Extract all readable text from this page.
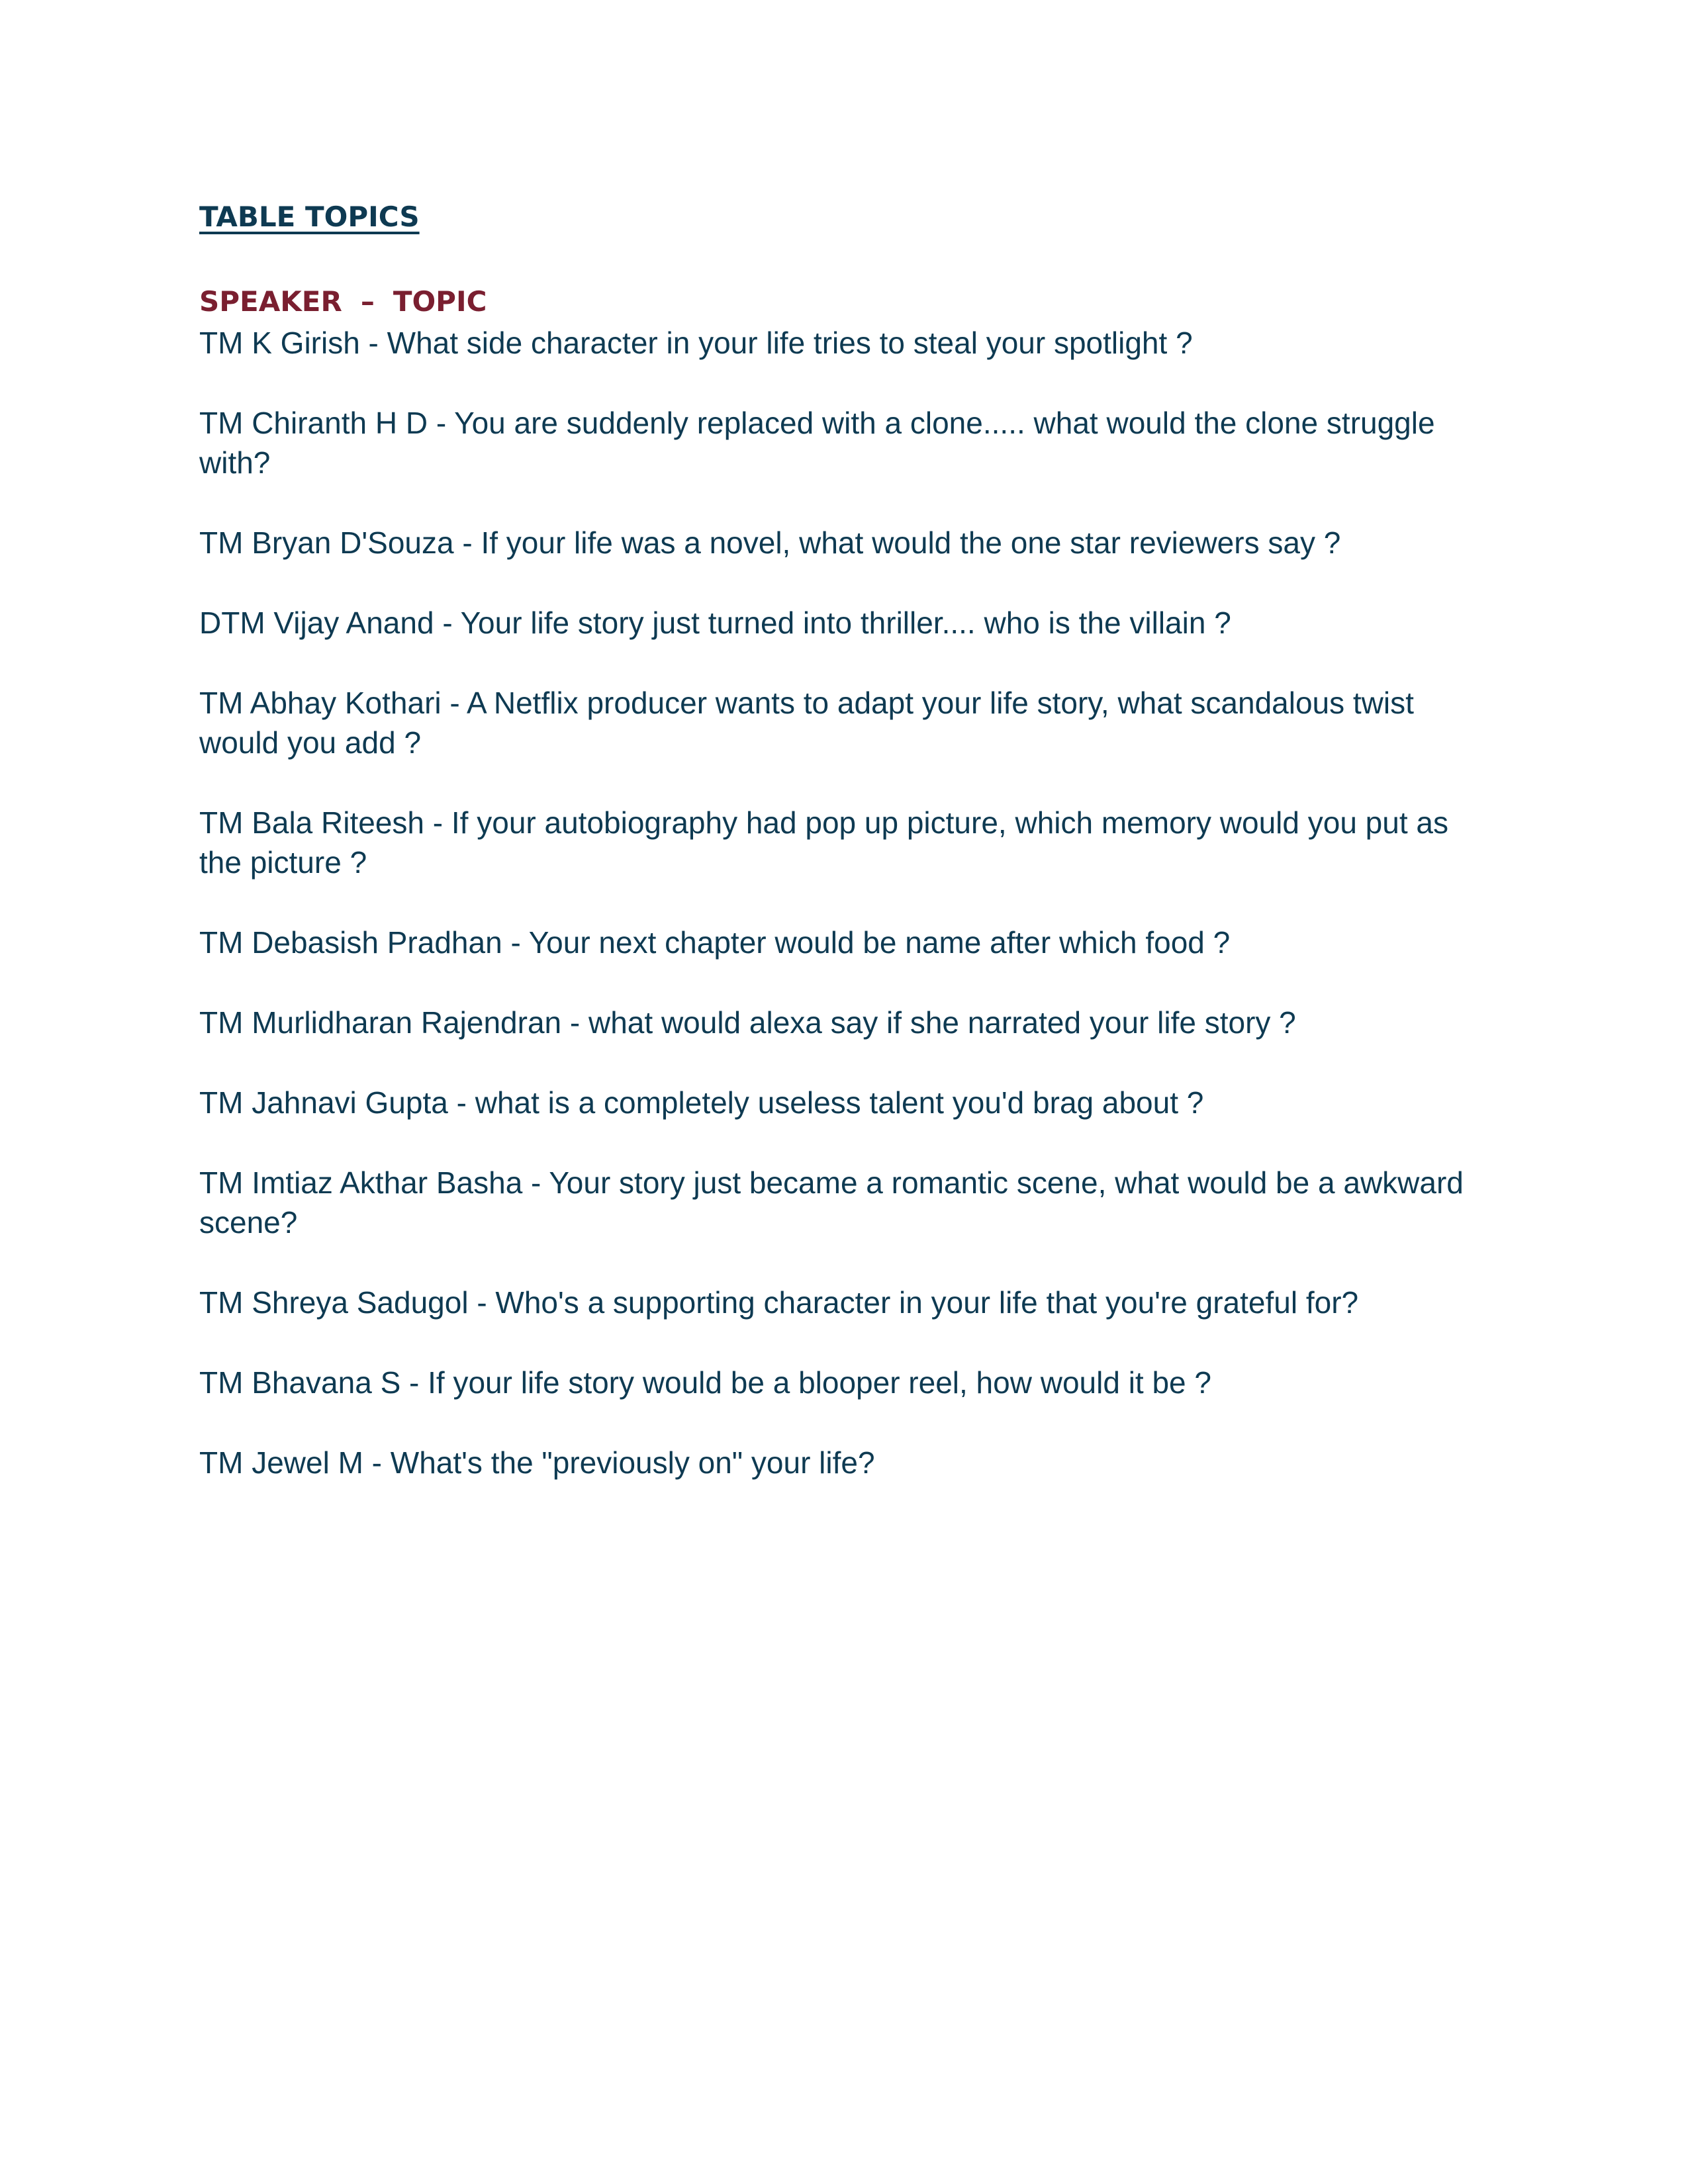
TABLE TOPICS
SPEAKER – TOPIC

TM K Girish - What side character in your life tries to steal your spotlight ?

TM Chiranth H D - You are suddenly replaced with a clone..... what would the clone struggle with?

TM Bryan D'Souza - If your life was a novel, what would the one star reviewers say ?

DTM Vijay Anand - Your life story just turned into thriller.... who is the villain ?

TM Abhay Kothari - A Netflix producer wants to adapt your life story, what scandalous twist would you add ?

TM Bala Riteesh - If your autobiography had pop up picture, which memory would you put as the picture ?

TM Debasish Pradhan - Your next chapter would be name after which food ?

TM Murlidharan Rajendran - what would alexa say if she narrated your life story ?

TM Jahnavi Gupta - what is a completely useless talent you'd brag about ?

TM Imtiaz Akthar Basha - Your story just became a romantic scene, what would be a awkward scene?

TM Shreya Sadugol - Who's a supporting character in your life that you're grateful for?

TM Bhavana S - If your life story would be a blooper reel, how would it be ?

TM Jewel M - What's the "previously on" your life?
